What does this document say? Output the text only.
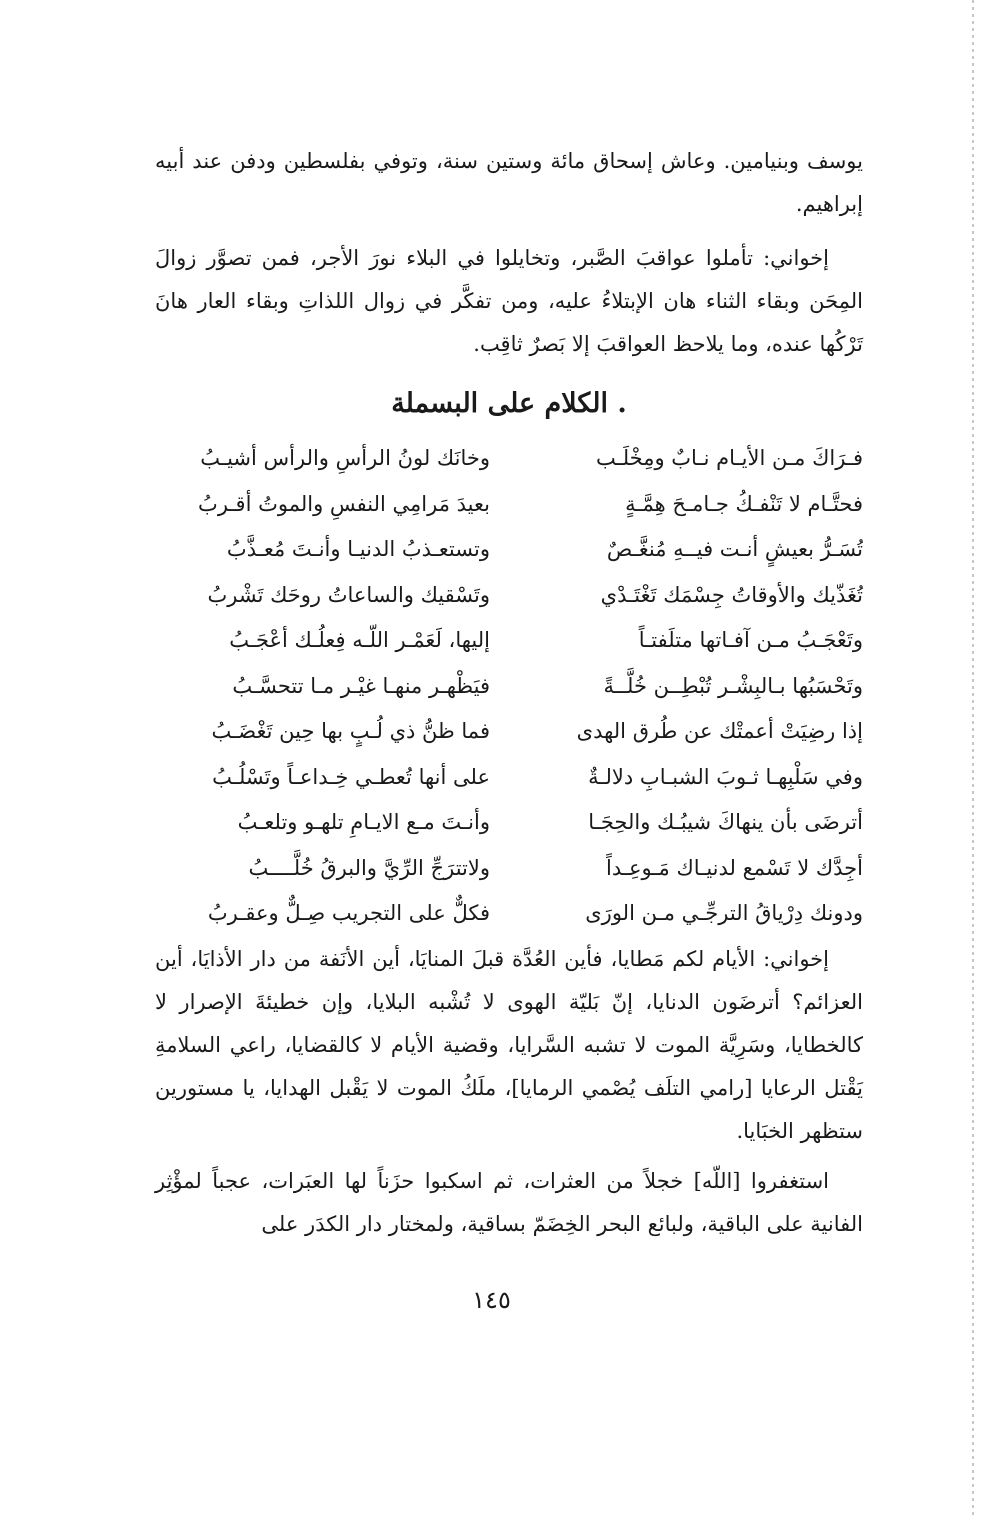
يوسف وبنيامين. وعاش إسحاق مائة وستين سنة، وتوفي بفلسطين ودفن عند أبيه إبراهيم.

إخواني: تأملوا عواقبَ الصَّبر، وتخايلوا في البلاء نورَ الأجر، فمن تصوَّر زوالَ المِحَن وبقاء الثناء هان الإبتلاءُ عليه، ومن تفكَّر في زوال اللذاتِ وبقاء العار هانَ تَرْكُها عنده، وما يلاحظ العواقبَ إلا بَصرٌ ثاقِب.

. الكلام على البسملة
فـرَاكَ مـن الأيـام نـابٌ ومِخْلَـب
وخانَك لونُ الرأسِ والرأس أشيـبُ
فحتَّـام لا تَنْفـكُ جـامـحَ هِمَّـةٍ
بعيدَ مَرامِي النفسِ والموتُ أقـربُ
تُسَـرُّ بعيشٍ أنـت فيــهِ مُنغَّـصٌ
وتستعـذبُ الدنيـا وأنـتَ مُعـذَّبُ
تُغَذّيك والأوقاتُ جِسْمَك تَغْتَـدْي
وتَسْقيك والساعاتُ روحَك تَشْربُ
وتَعْجَـبُ مـن آفـاتها متلَفتـاً
إليها، لَعَمْـر اللّـه فِعلُـك أعْجَـبُ
وتَحْسَبُها بـالبِشْـر تُبْطِــن خُلَّــةً
فيَظْهـر منهـا غيْـر مـا تتحسَّـبُ
إذا رضِيَتْ أعمتْك عن طُرق الهدى
فما ظنُّ ذي لُـبٍ بها حِين تَغْضَـبُ
وفي سَلْبِهـا ثـوبَ الشبـابِ دلالـةٌ
على أنها تُعطـي خِـداعـاً وتَسْلُـبُ
أترضَى بأن ينهاكَ شيبُـك والحِجَـا
وأنـتَ مـع الايـامِ تلهـو وتلعـبُ
أجِدَّك لا تَسْمع لدنيـاك مَـوعِـداً
ولاتترَجِّ الرِّيَّ والبرقُ خُلَّــــبُ
ودونك دِرْياقُ الترجِّـي مـن الورَى
فكلٌّ على التجريب صِـلٌّ وعقـربُ

إخواني: الأيام لكم مَطايا، فأين العُدَّة قبلَ المنايَا، أين الأنَفة من دار الأذايَا، أين العزائم؟ أترضَون الدنايا، إنّ بَليّة الهوى لا تُشْبه البلايا، وإن خطيئةَ الإصرار لا كالخطايا، وسَرِيَّة الموت لا تشبه السَّرايا، وقضية الأيام لا كالقضايا، راعي السلامةِ يَقْتل الرعايا [رامي التلَف يُصْمي الرمايا]، ملَكُ الموت لا يَقْبل الهدايا، يا مستورين ستظهر الخبَايا.

استغفروا [اللّه] خجلاً من العثرات، ثم اسكبوا حزَناً لها العبَرات، عجباً لمؤْثِر الفانية على الباقية، ولبائع البحر الخِضَمّ بساقية، ولمختار دار الكدَر على

١٤٥
